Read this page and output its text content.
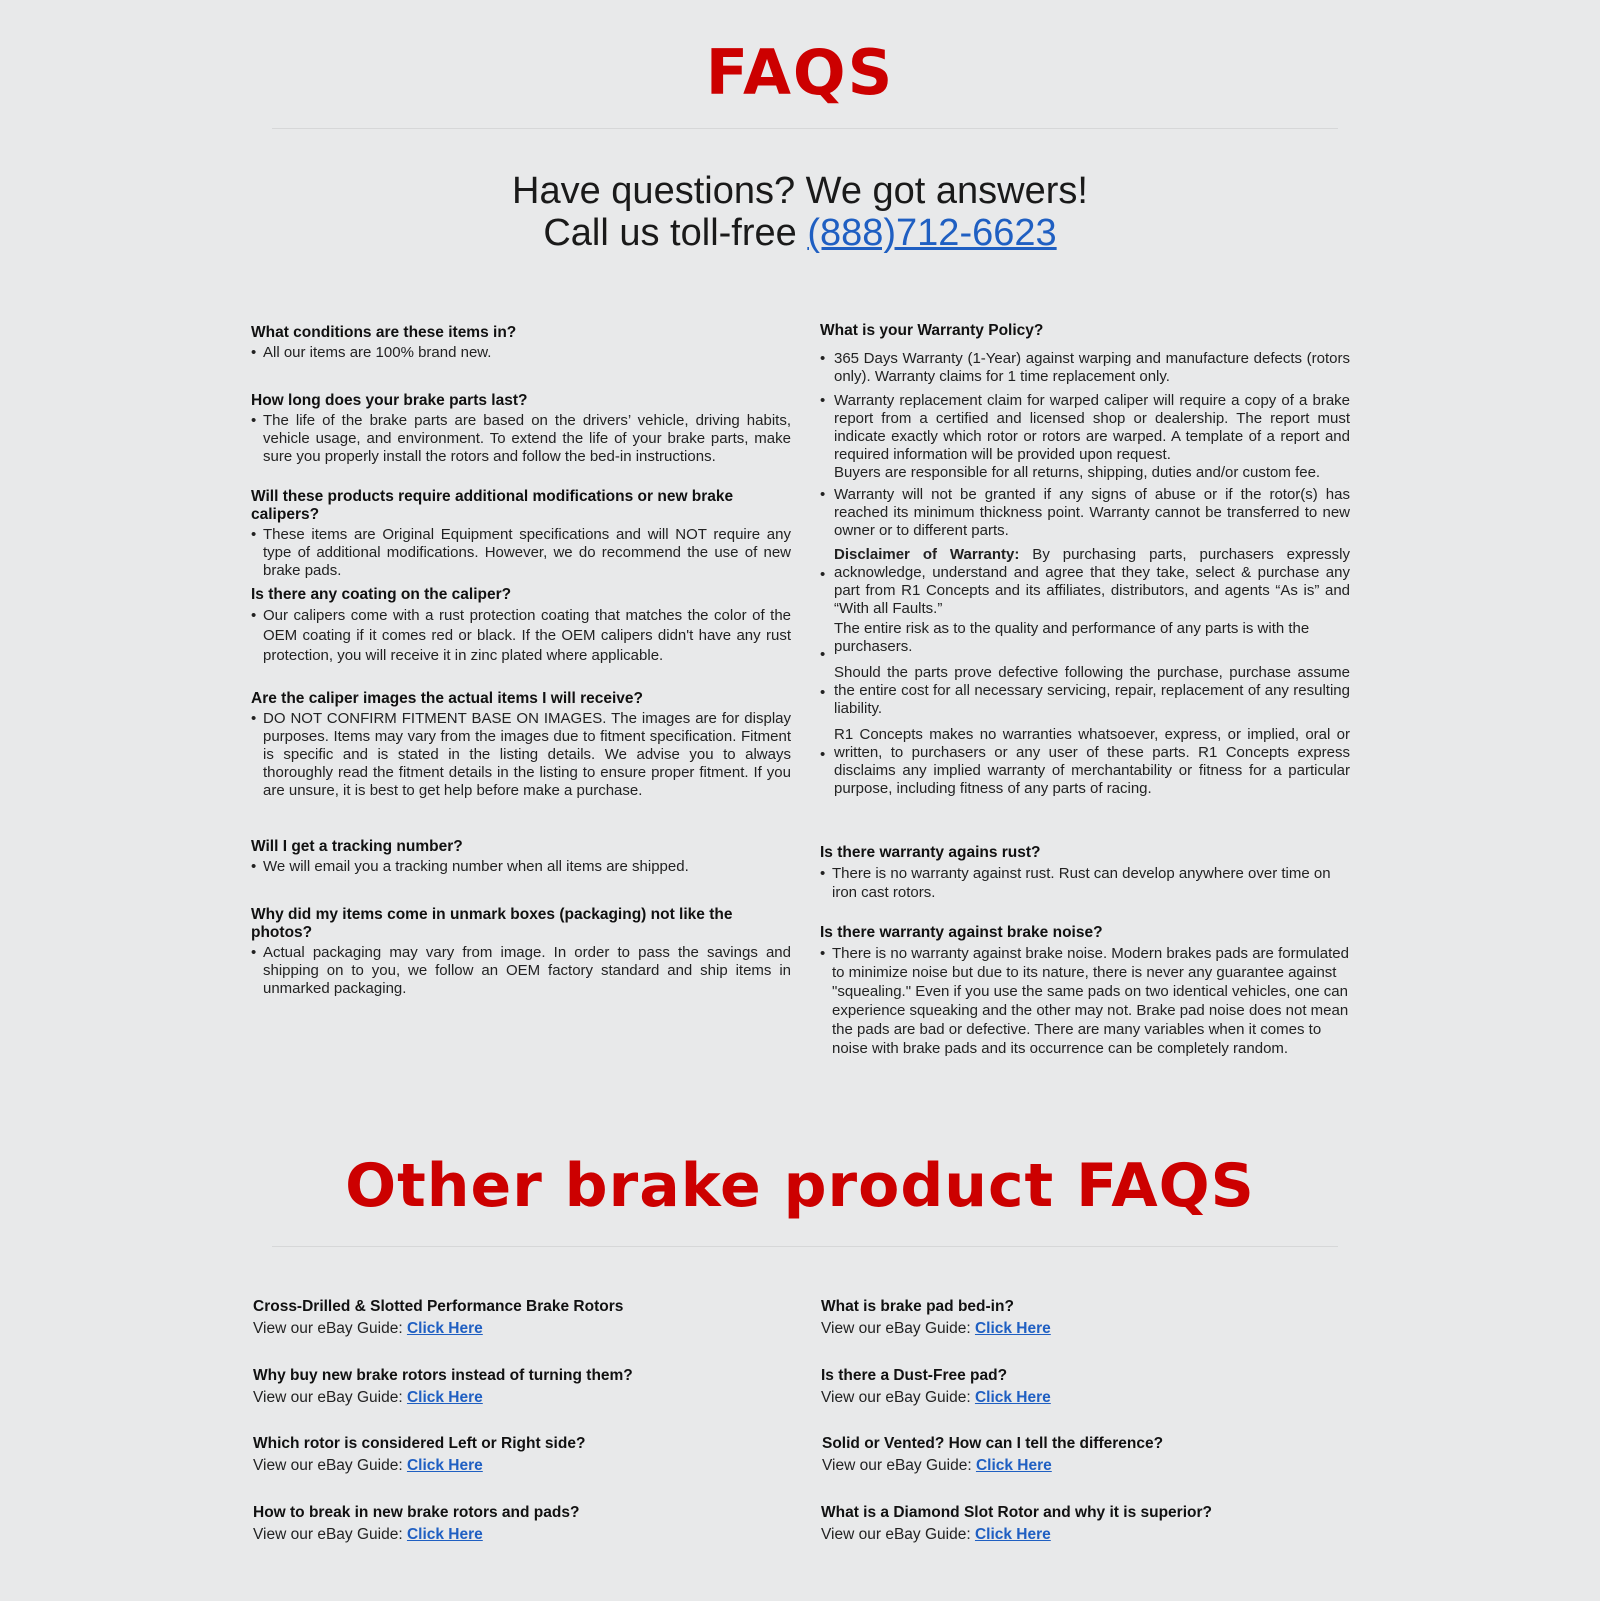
FAQS
Have questions? We got answers!
Call us toll-free (888)712-6623
What conditions are these items in?
• All our items are 100% brand new.
How long does your brake parts last?
• The life of the brake parts are based on the drivers’ vehicle, driving habits, vehicle usage, and environment. To extend the life of your brake parts, make sure you properly install the rotors and follow the bed-in instructions.
Will these products require additional modifications or new brake calipers?
• These items are Original Equipment specifications and will NOT require any type of additional modifications. However, we do recommend the use of new brake pads.
Is there any coating on the caliper?
• Our calipers come with a rust protection coating that matches the color of the OEM coating if it comes red or black. If the OEM calipers didn't have any rust protection, you will receive it in zinc plated where applicable.
Are the caliper images the actual items I will receive?
• DO NOT CONFIRM FITMENT BASE ON IMAGES. The images are for display purposes. Items may vary from the images due to fitment specification. Fitment is specific and is stated in the listing details. We advise you to always thoroughly read the fitment details in the listing to ensure proper fitment. If you are unsure, it is best to get help before make a purchase.
Will I get a tracking number?
• We will email you a tracking number when all items are shipped.
Why did my items come in unmark boxes (packaging) not like the photos?
• Actual packaging may vary from image. In order to pass the savings and shipping on to you, we follow an OEM factory standard and ship items in unmarked packaging.
What is your Warranty Policy?
• 365 Days Warranty (1-Year) against warping and manufacture defects (rotors only). Warranty claims for 1 time replacement only.
• Warranty replacement claim for warped caliper will require a copy of a brake report from a certified and licensed shop or dealership. The report must indicate exactly which rotor or rotors are warped. A template of a report and required information will be provided upon request.
Buyers are responsible for all returns, shipping, duties and/or custom fee.
• Warranty will not be granted if any signs of abuse or if the rotor(s) has reached its minimum thickness point. Warranty cannot be transferred to new owner or to different parts.
•
Disclaimer of Warranty: By purchasing parts, purchasers expressly acknowledge, understand and agree that they take, select & purchase any part from R1 Concepts and its affiliates, distributors, and agents “As is” and “With all Faults.”
•
The entire risk as to the quality and performance of any parts is with the purchasers.
•
Should the parts prove defective following the purchase, purchase assume the entire cost for all necessary servicing, repair, replacement of any resulting liability.
•
R1 Concepts makes no warranties whatsoever, express, or implied, oral or written, to purchasers or any user of these parts. R1 Concepts express disclaims any implied warranty of merchantability or fitness for a particular purpose, including fitness of any parts of racing.
Is there warranty agains rust?
• There is no warranty against rust. Rust can develop anywhere over time on iron cast rotors.
Is there warranty against brake noise?
• There is no warranty against brake noise. Modern brakes pads are formulated to minimize noise but due to its nature, there is never any guarantee against "squealing." Even if you use the same pads on two identical vehicles, one can experience squeaking and the other may not. Brake pad noise does not mean the pads are bad or defective. There are many variables when it comes to noise with brake pads and its occurrence can be completely random.
Other brake product FAQS
Cross-Drilled & Slotted Performance Brake Rotors
View our eBay Guide: Click Here
Why buy new brake rotors instead of turning them?
View our eBay Guide: Click Here
Which rotor is considered Left or Right side?
View our eBay Guide: Click Here
How to break in new brake rotors and pads?
View our eBay Guide: Click Here
What is brake pad bed-in?
View our eBay Guide: Click Here
Is there a Dust-Free pad?
View our eBay Guide: Click Here
Solid or Vented? How can I tell the difference?
View our eBay Guide: Click Here
What is a Diamond Slot Rotor and why it is superior?
View our eBay Guide: Click Here
